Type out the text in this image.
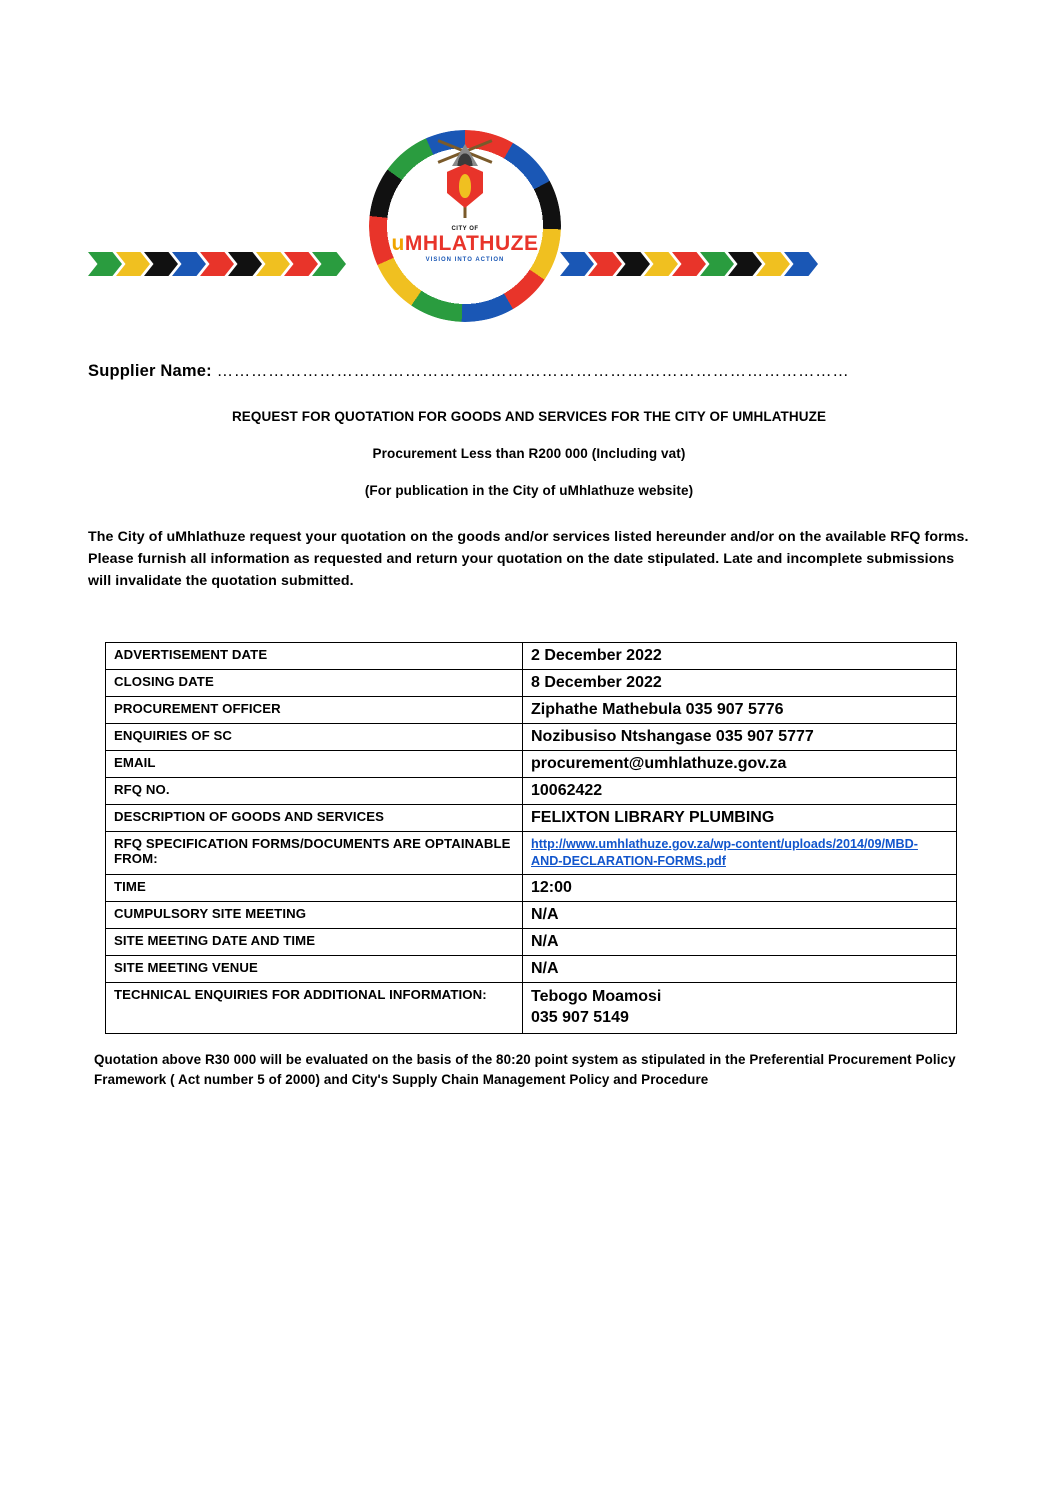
CITY OF
uMHLATHUZE
VISION INTO ACTION
Supplier Name: …………………………………………………………………………………………………
REQUEST FOR QUOTATION FOR GOODS AND SERVICES FOR THE CITY OF UMHLATHUZE
Procurement Less than R200 000 (Including vat)
(For publication in the City of uMhlathuze website)
The City of uMhlathuze request your quotation on the goods and/or services listed hereunder and/or on the available RFQ forms. Please furnish all information as requested and return your quotation on the date stipulated. Late and incomplete submissions will invalidate the quotation submitted.
ADVERTISEMENT DATE	2 December 2022
CLOSING DATE	8 December 2022
PROCUREMENT OFFICER	Ziphathe Mathebula 035 907 5776
ENQUIRIES OF SC	Nozibusiso Ntshangase 035 907 5777
EMAIL	procurement@umhlathuze.gov.za
RFQ NO.	10062422
DESCRIPTION OF GOODS AND SERVICES	FELIXTON LIBRARY PLUMBING
RFQ SPECIFICATION FORMS/DOCUMENTS ARE OPTAINABLE FROM:	http://www.umhlathuze.gov.za/wp-content/uploads/2014/09/MBD-AND-DECLARATION-FORMS.pdf

TIME	12:00
CUMPULSORY SITE MEETING	N/A
SITE MEETING DATE AND TIME	N/A
SITE MEETING VENUE	N/A
TECHNICAL ENQUIRIES FOR ADDITIONAL INFORMATION:	Tebogo Moamosi
035 907 5149
Quotation above R30 000 will be evaluated on the basis of the 80:20 point system as stipulated in the Preferential Procurement Policy Framework ( Act number 5 of 2000) and City's Supply Chain Management Policy and Procedure
